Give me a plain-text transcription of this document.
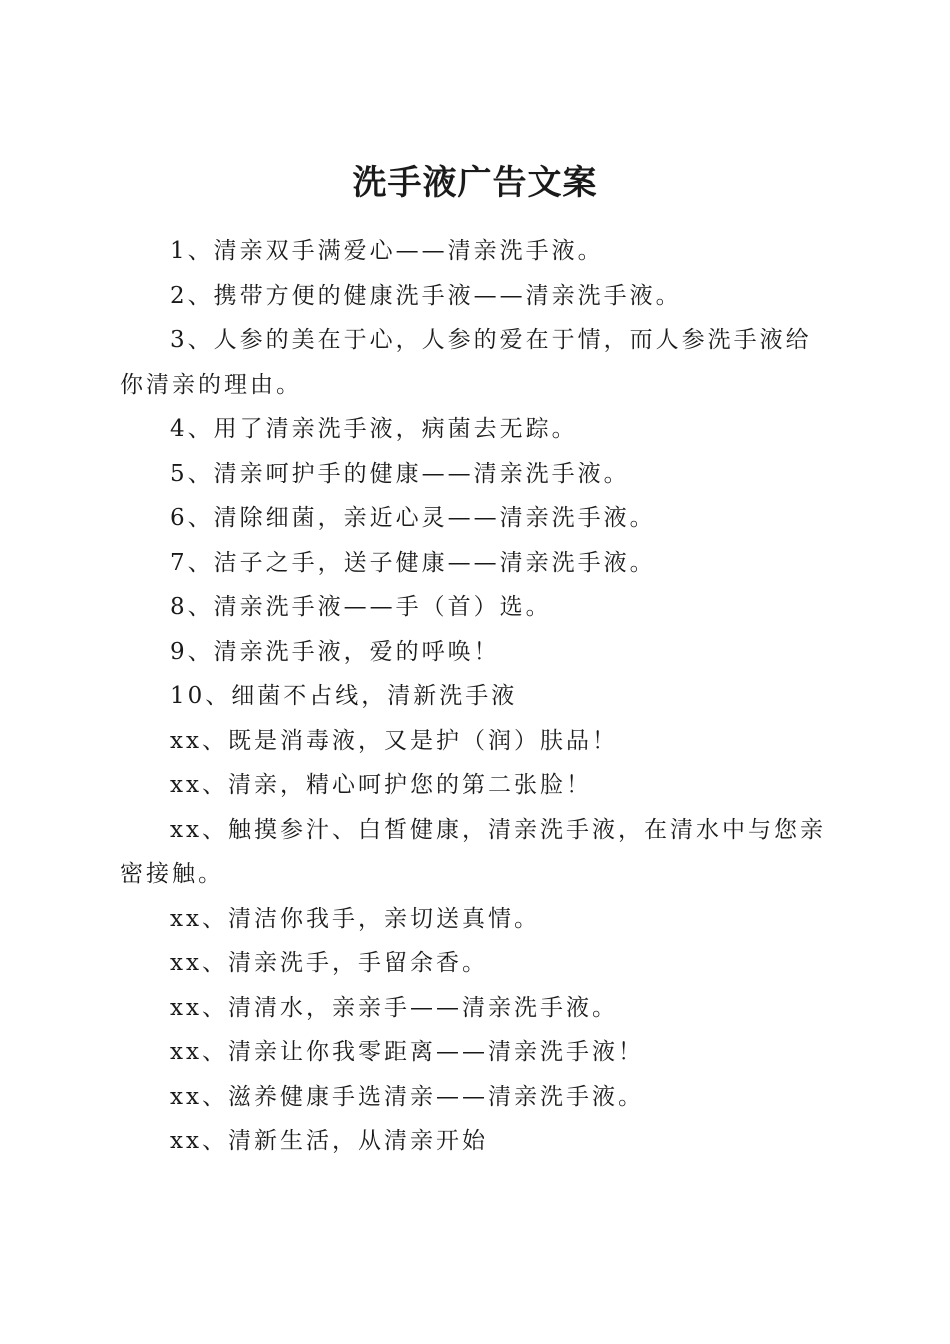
洗手液广告文案

1、清亲双手满爱心——清亲洗手液。

2、携带方便的健康洗手液——清亲洗手液。

3、人参的美在于心，人参的爱在于情，而人参洗手液给你清亲的理由。

4、用了清亲洗手液，病菌去无踪。

5、清亲呵护手的健康——清亲洗手液。

6、清除细菌，亲近心灵——清亲洗手液。

7、洁子之手，送子健康——清亲洗手液。

8、清亲洗手液——手（首）选。

9、清亲洗手液，爱的呼唤！

10、细菌不占线，清新洗手液

xx、既是消毒液，又是护（润）肤品！

xx、清亲，精心呵护您的第二张脸！

xx、触摸参汁、白皙健康，清亲洗手液，在清水中与您亲密接触。

xx、清洁你我手，亲切送真情。

xx、清亲洗手，手留余香。

xx、清清水，亲亲手——清亲洗手液。

xx、清亲让你我零距离——清亲洗手液！

xx、滋养健康手选清亲——清亲洗手液。

xx、清新生活，从清亲开始
